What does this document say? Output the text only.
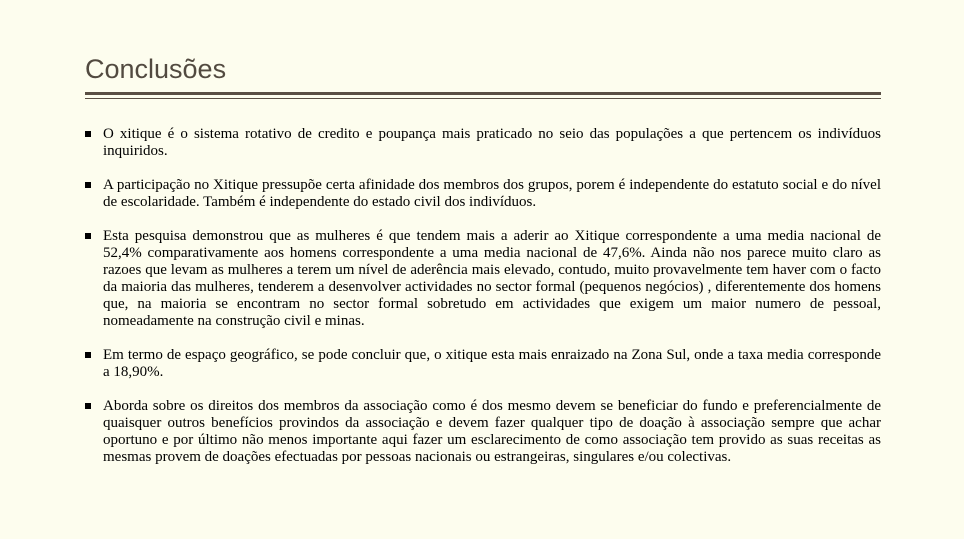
Conclusões
O xitique é o sistema rotativo de credito e poupança mais praticado no seio das populações a que pertencem os indivíduos inquiridos.
A participação no Xitique pressupõe certa afinidade dos membros dos grupos, porem é independente do estatuto social e do nível de escolaridade. Também é independente do estado civil dos indivíduos.
Esta pesquisa demonstrou que as mulheres é que tendem mais a aderir ao Xitique correspondente a uma media nacional de 52,4% comparativamente aos homens correspondente a uma media nacional de 47,6%. Ainda não nos parece muito claro as razoes que levam as mulheres a terem um nível de aderência mais elevado, contudo, muito provavelmente tem haver com o facto da maioria das mulheres, tenderem a desenvolver actividades no sector formal (pequenos negócios) , diferentemente dos homens que, na maioria se encontram no sector formal sobretudo em actividades que exigem um maior numero de pessoal, nomeadamente na construção civil e minas.
Em termo de espaço geográfico, se pode concluir que, o xitique esta mais enraizado na Zona Sul, onde a taxa media corresponde a 18,90%.
Aborda sobre os direitos dos membros da associação como é dos mesmo devem se beneficiar do fundo e preferencialmente de quaisquer outros benefícios provindos da associação e devem fazer qualquer tipo de doação à associação sempre que achar oportuno e por último não menos importante aqui fazer um esclarecimento de como associação tem provido as suas receitas as mesmas provem de doações efectuadas por pessoas nacionais ou estrangeiras, singulares e/ou colectivas.
